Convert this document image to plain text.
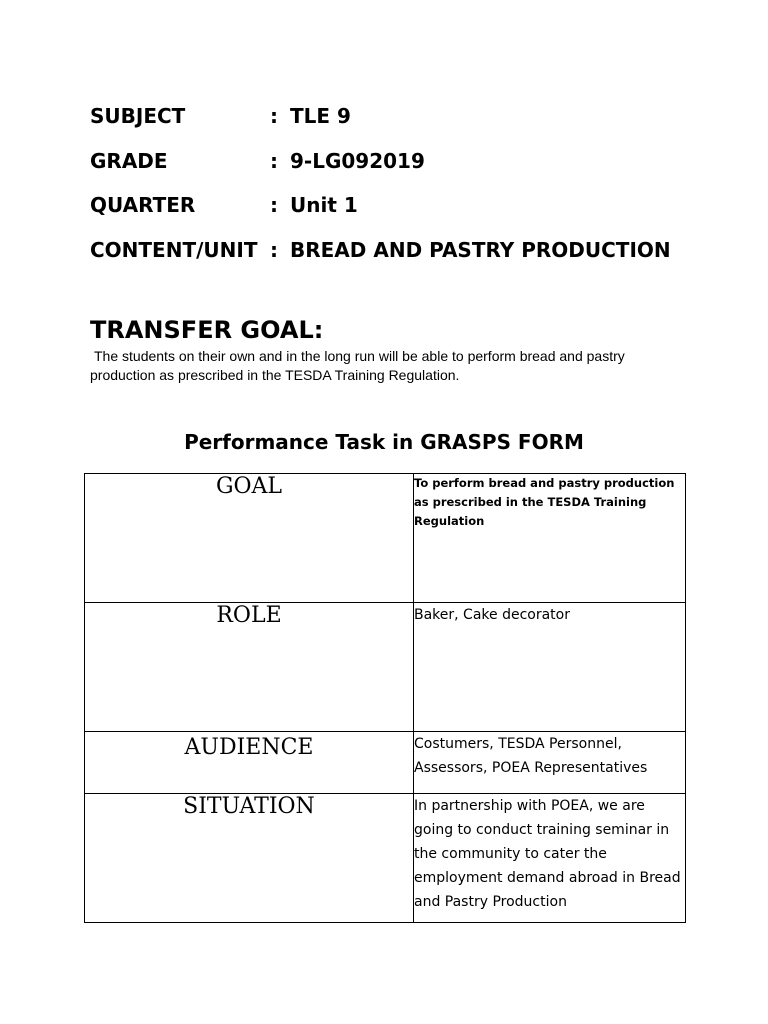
SUBJECT	: TLE 9
GRADE	: 9-LG092019
QUARTER	: Unit 1
CONTENT/UNIT : BREAD AND PASTRY PRODUCTION
TRANSFER GOAL:
The students on their own and in the long run will be able to perform bread and pastry production as prescribed in the TESDA Training Regulation.
Performance Task in GRASPS FORM
GOAL	To perform bread and pastry production as prescribed in the TESDA Training Regulation
ROLE	Baker, Cake decorator
AUDIENCE	Costumers, TESDA Personnel, Assessors, POEA Representatives
SITUATION	In partnership with POEA, we are going to conduct training seminar in the community to cater the employment demand abroad in Bread and Pastry Production
